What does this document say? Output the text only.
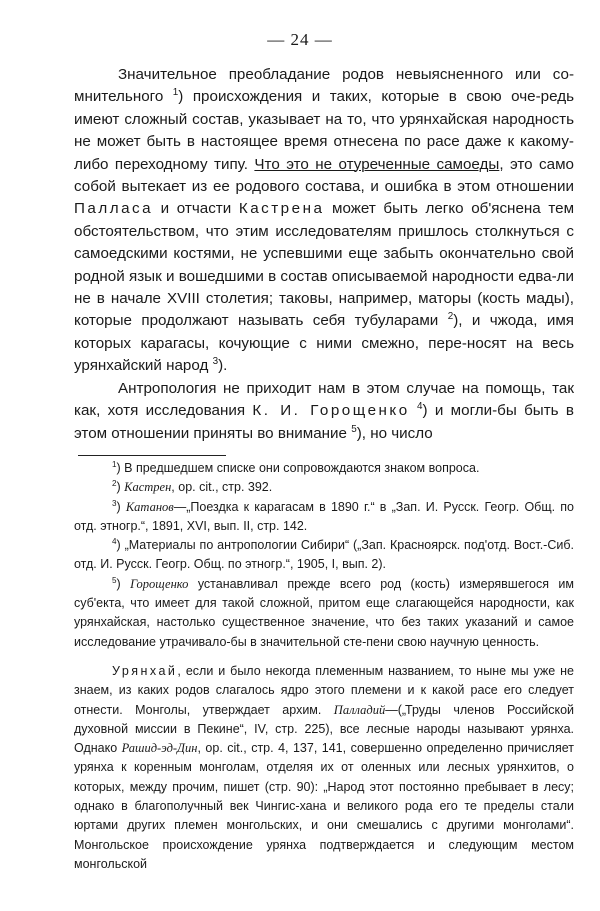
— 24 —

Значительное преобладание родов невыясненного или со-мнительного $^1$) происхождения и таких, которые в свою оче-редь имеют сложный состав, указывает на то, что урянхайская народность не может быть в настоящее время отнесена по расе даже к какому-либо переходному типу. Что это не отуреченные самоеды, это само собой вытекает из ее родового состава, и ошибка в этом отношении Палласа и отчасти Кастрена может быть легко об'яснена тем обстоятельством, что этим исследователям пришлось столкнуться с самоедскими костями, не успевшими еще забыть окончательно свой родной язык и вошедшими в состав описываемой народности едва-ли не в начале XVIII столетия; таковы, например, маторы (кость мады), которые продолжают называть себя тубуларами $^2$), и чжода, имя которых карагасы, кочующие с ними смежно, пере-носят на весь урянхайский народ $^3$).

Антропология не приходит нам в этом случае на помощь, так как, хотя исследования К. И. Горощенко $^4$) и могли-бы быть в этом отношении приняты во внимание $^5$), но число

$^1$) В предшедшем списке они сопровождаются знаком вопроса.

$^2$) Кастрен, op. cit., стр. 392.

$^3$) Катанов—„Поездка к карагасам в 1890 г.“ в „Зап. И. Русск. Геогр. Общ. по отд. этногр.“, 1891, XVI, вып. II, стр. 142.

$^4$) „Материалы по антропологии Сибири“ („Зап. Красноярск. под'отд. Вост.-Сиб. отд. И. Русск. Геогр. Общ. по этногр.“, 1905, I, вып. 2).

$^5$) Горощенко устанавливал прежде всего род (кость) измерявшегося им суб'екта, что имеет для такой сложной, притом еще слагающейся народности, как урянхайская, настолько существенное значение, что без таких указаний и самое исследование утрачивало-бы в значительной сте-пени свою научную ценность.

Урянхай, если и было некогда племенным названием, то ныне мы уже не знаем, из каких родов слагалось ядро этого племени и к какой расе его следует отнести. Монголы, утверждает архим. Палладий—(„Труды членов Российской духовной миссии в Пекине“, IV, стр. 225), все лесные народы называют урянха. Однако Рашид-эд-Дин, op. cit., стр. 4, 137, 141, совершенно определенно причисляет урянха к коренным монголам, отделяя их от оленных или лесных урянхитов, о которых, между прочим, пишет (стр. 90): „Народ этот постоянно пребывает в лесу; однако в благополучный век Чингис-хана и великого рода его те пределы стали юртами других племен монгольских, и они смешались с другими монголами“. Монгольское происхождение урянха подтверждается и следующим местом монгольской
